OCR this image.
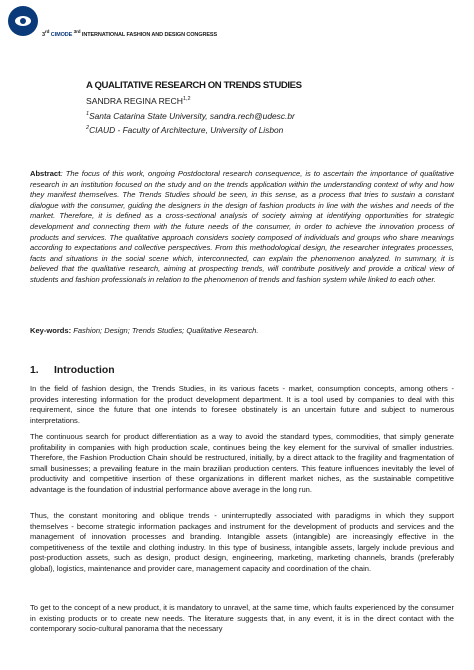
3rd CIMODE $^{3rd}$ INTERNATIONAL FASHION AND DESIGN CONGRESS
A QUALITATIVE RESEARCH ON TRENDS STUDIES
SANDRA REGINA RECH$^{1,2}$
$^1$Santa Catarina State University, sandra.rech@udesc.br
$^2$CIAUD - Faculty of Architecture, University of Lisbon
Abstract: The focus of this work, ongoing Postdoctoral research consequence, is to ascertain the importance of qualitative research in an institution focused on the study and on the trends application within the understanding context of why and how they manifest themselves. The Trends Studies should be seen, in this sense, as a process that tries to sustain a constant dialogue with the consumer, guiding the designers in the design of fashion products in line with the wishes and needs of the market. Therefore, it is defined as a cross-sectional analysis of society aiming at identifying opportunities for strategic development and connecting them with the future needs of the consumer, in order to achieve the innovation process of products and services. The qualitative approach considers society composed of individuals and groups who share meanings according to expectations and collective perspectives. From this methodological design, the researcher integrates processes, facts and situations in the social scene which, interconnected, can explain the phenomenon analyzed. In summary, it is believed that the qualitative research, aiming at prospecting trends, will contribute positively and provide a critical view of students and fashion professionals in relation to the phenomenon of trends and fashion system while linked to each other.
Key-words: Fashion; Design; Trends Studies; Qualitative Research.
1. Introduction

In the field of fashion design, the Trends Studies, in its various facets - market, consumption concepts, among others - provides interesting information for the product development department. It is a tool used by companies to deal with this requirement, since the future that one intends to foresee obstinately is an uncertain future and subject to numerous interpretations.

The continuous search for product differentiation as a way to avoid the standard types, commodities, that simply generate profitability in companies with high production scale, continues being the key element for the survival of smaller industries. Therefore, the Fashion Production Chain should be restructured, initially, by a direct attack to the fragility and fragmentation of small businesses; a prevailing feature in the main brazilian production centers. This feature influences inevitably the level of productivity and competitive insertion of these organizations in different market niches, as the sustainable competitive advantage is the foundation of industrial performance above average in the long run.

Thus, the constant monitoring and oblique trends - uninterruptedly associated with paradigms in which they support themselves - become strategic information packages and instrument for the development of products and services and the management of innovation processes and branding. Intangible assets (intangible) are increasingly effective in the competitiveness of the textile and clothing industry. In this type of business, intangible assets, largely include previous and post-production assets, such as design, product design, engineering, marketing, marketing channels, brands (preferably global), logistics, maintenance and provider care, management capacity and coordination of the chain.

To get to the concept of a new product, it is mandatory to unravel, at the same time, which faults experienced by the consumer in existing products or to create new needs. The literature suggests that, in any event, it is in the direct contact with the contemporary socio-cultural panorama that the necessary
